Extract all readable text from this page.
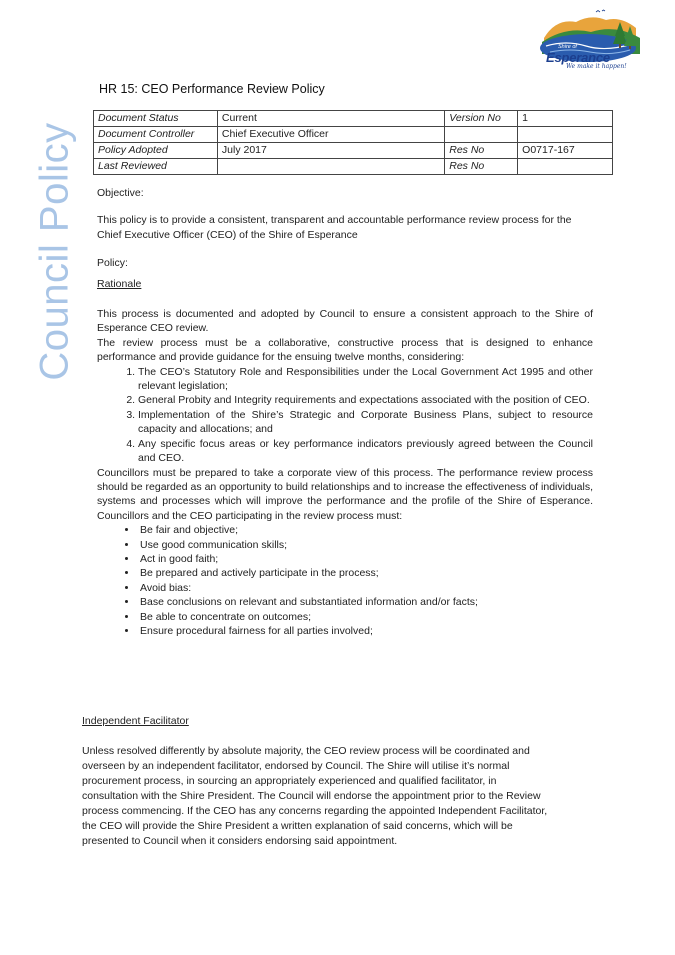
Council Policy
Shire of
Esperance
We make it happen!
HR 15: CEO Performance Review Policy
Document Status	Current	Version No	1
Document Controller	Chief Executive Officer		
Policy Adopted	July 2017	Res No	O0717-167
Last Reviewed		Res No	

Objective:

This policy is to provide a consistent, transparent and accountable performance review process for the Chief Executive Officer (CEO) of the Shire of Esperance

Policy:

Rationale

This process is documented and adopted by Council to ensure a consistent approach to the Shire of Esperance CEO review.

The review process must be a collaborative, constructive process that is designed to enhance performance and provide guidance for the ensuing twelve months, considering:

1. The CEO’s Statutory Role and Responsibilities under the Local Government Act 1995 and other relevant legislation;
2. General Probity and Integrity requirements and expectations associated with the position of CEO.
3. Implementation of the Shire’s Strategic and Corporate Business Plans, subject to resource capacity and allocations; and
4. Any specific focus areas or key performance indicators previously agreed between the Council and CEO.

Councillors must be prepared to take a corporate view of this process. The performance review process should be regarded as an opportunity to build relationships and to increase the effectiveness of individuals, systems and processes which will improve the performance and the profile of the Shire of Esperance. Councillors and the CEO participating in the review process must:

• Be fair and objective;
• Use good communication skills;
• Act in good faith;
• Be prepared and actively participate in the process;
• Avoid bias:
• Base conclusions on relevant and substantiated information and/or facts;
• Be able to concentrate on outcomes;
• Ensure procedural fairness for all parties involved;

Independent Facilitator

Unless resolved differently by absolute majority, the CEO review process will be coordinated and

overseen by an independent facilitator, endorsed by Council. The Shire will utilise it’s normal

procurement process, in sourcing an appropriately experienced and qualified facilitator, in

consultation with the Shire President. The Council will endorse the appointment prior to the Review

process commencing. If the CEO has any concerns regarding the appointed Independent Facilitator,

the CEO will provide the Shire President a written explanation of said concerns, which will be

presented to Council when it considers endorsing said appointment.
